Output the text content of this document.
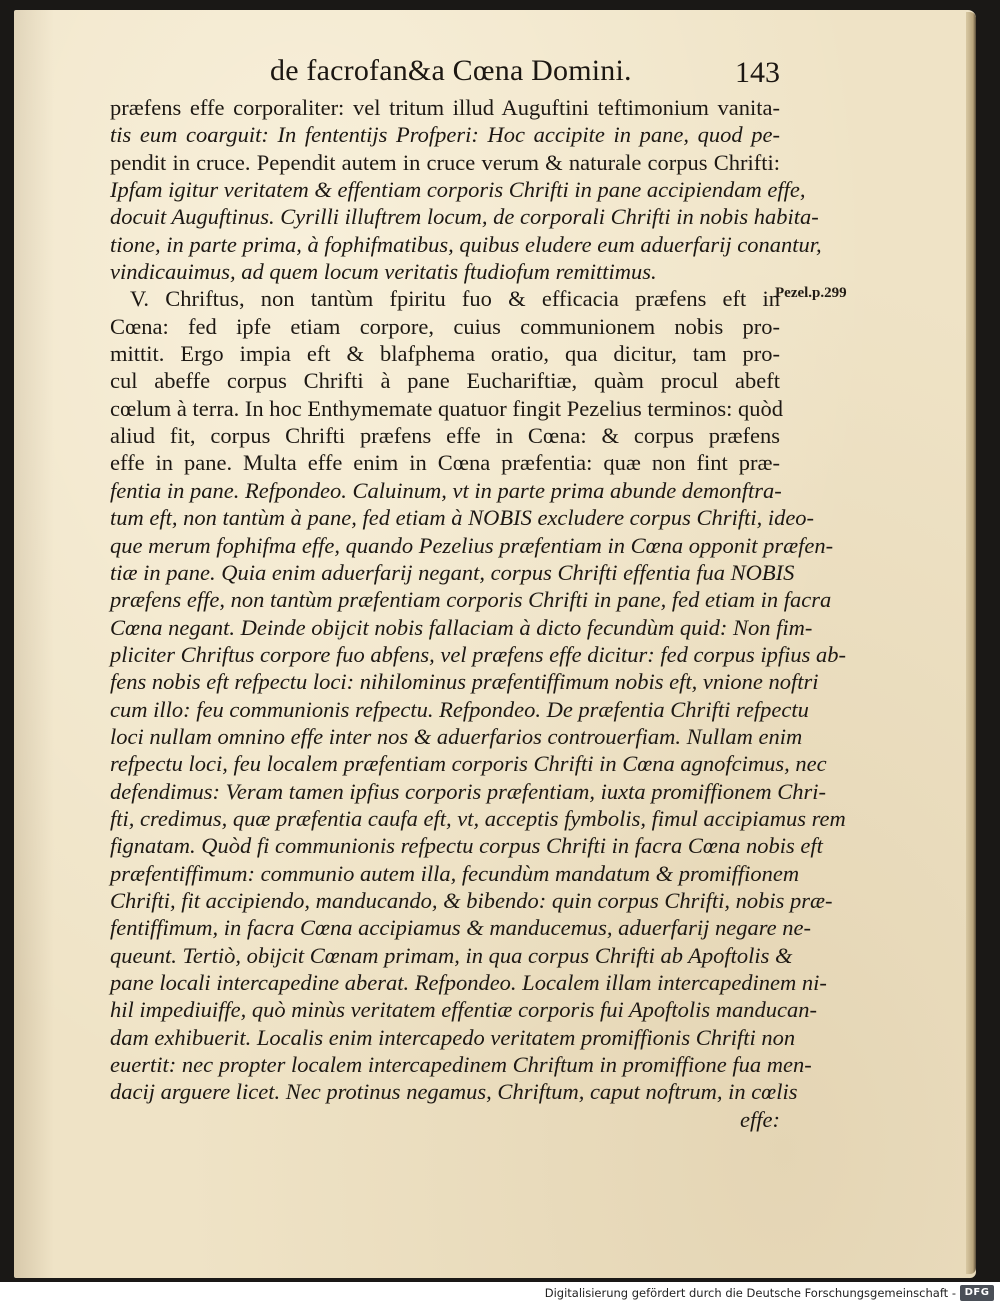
de facrofan&a Cœna Domini.	143
Pezel.p.299
præfens effe corporaliter: vel tritum illud Auguftini teftimonium vanita-
tis eum coarguit: In fententijs Profperi: Hoc accipite in pane, quod pe-
pendit in cruce. Pependit autem in cruce verum & naturale corpus Chrifti:
Ipfam igitur veritatem & effentiam corporis Chrifti in pane accipiendam effe,
docuit Auguftinus. Cyrilli illuftrem locum, de corporali Chrifti in nobis habita-
tione, in parte prima, à fophifmatibus, quibus eludere eum aduerfarij conantur,
vindicauimus, ad quem locum veritatis ftudiofum remittimus.
V. Chriftus, non tantùm fpiritu fuo & efficacia præfens eft in
Cœna: fed ipfe etiam corpore, cuius communionem nobis pro-
mittit. Ergo impia eft & blafphema oratio, qua dicitur, tam pro-
cul abeffe corpus Chrifti à pane Euchariftiæ, quàm procul abeft
cœlum à terra. In hoc Enthymemate quatuor fingit Pezelius terminos: quòd
aliud fit, corpus Chrifti præfens effe in Cœna: & corpus præfens
effe in pane. Multa effe enim in Cœna præfentia: quæ non fint præ-
fentia in pane. Refpondeo. Caluinum, vt in parte prima abunde demonftra-
tum eft, non tantùm à pane, fed etiam à NOBIS excludere corpus Chrifti, ideo-
que merum fophifma effe, quando Pezelius præfentiam in Cœna opponit præfen-
tiæ in pane. Quia enim aduerfarij negant, corpus Chrifti effentia fua NOBIS
præfens effe, non tantùm præfentiam corporis Chrifti in pane, fed etiam in facra
Cœna negant. Deinde obijcit nobis fallaciam à dicto fecundùm quid: Non fim-
pliciter Chriftus corpore fuo abfens, vel præfens effe dicitur: fed corpus ipfius ab-
fens nobis eft refpectu loci: nihilominus præfentiffimum nobis eft, vnione noftri
cum illo: feu communionis refpectu. Refpondeo. De præfentia Chrifti refpectu
loci nullam omnino effe inter nos & aduerfarios controuerfiam. Nullam enim
refpectu loci, feu localem præfentiam corporis Chrifti in Cœna agnofcimus, nec
defendimus: Veram tamen ipfius corporis præfentiam, iuxta promiffionem Chri-
fti, credimus, quæ præfentia caufa eft, vt, acceptis fymbolis, fimul accipiamus rem
fignatam. Quòd fi communionis refpectu corpus Chrifti in facra Cœna nobis eft
præfentiffimum: communio autem illa, fecundùm mandatum & promiffionem
Chrifti, fit accipiendo, manducando, & bibendo: quin corpus Chrifti, nobis præ-
fentiffimum, in facra Cœna accipiamus & manducemus, aduerfarij negare ne-
queunt. Tertiò, obijcit Cœnam primam, in qua corpus Chrifti ab Apoftolis &
pane locali intercapedine aberat. Refpondeo. Localem illam intercapedinem ni-
hil impediuiffe, quò minùs veritatem effentiæ corporis fui Apoftolis manducan-
dam exhibuerit. Localis enim intercapedo veritatem promiffionis Chrifti non
euertit: nec propter localem intercapedinem Chriftum in promiffione fua men-
dacij arguere licet. Nec protinus negamus, Chriftum, caput noftrum, in cœlis
effe:
Digitalisierung gefördert durch die Deutsche Forschungsgemeinschaft - DFG
